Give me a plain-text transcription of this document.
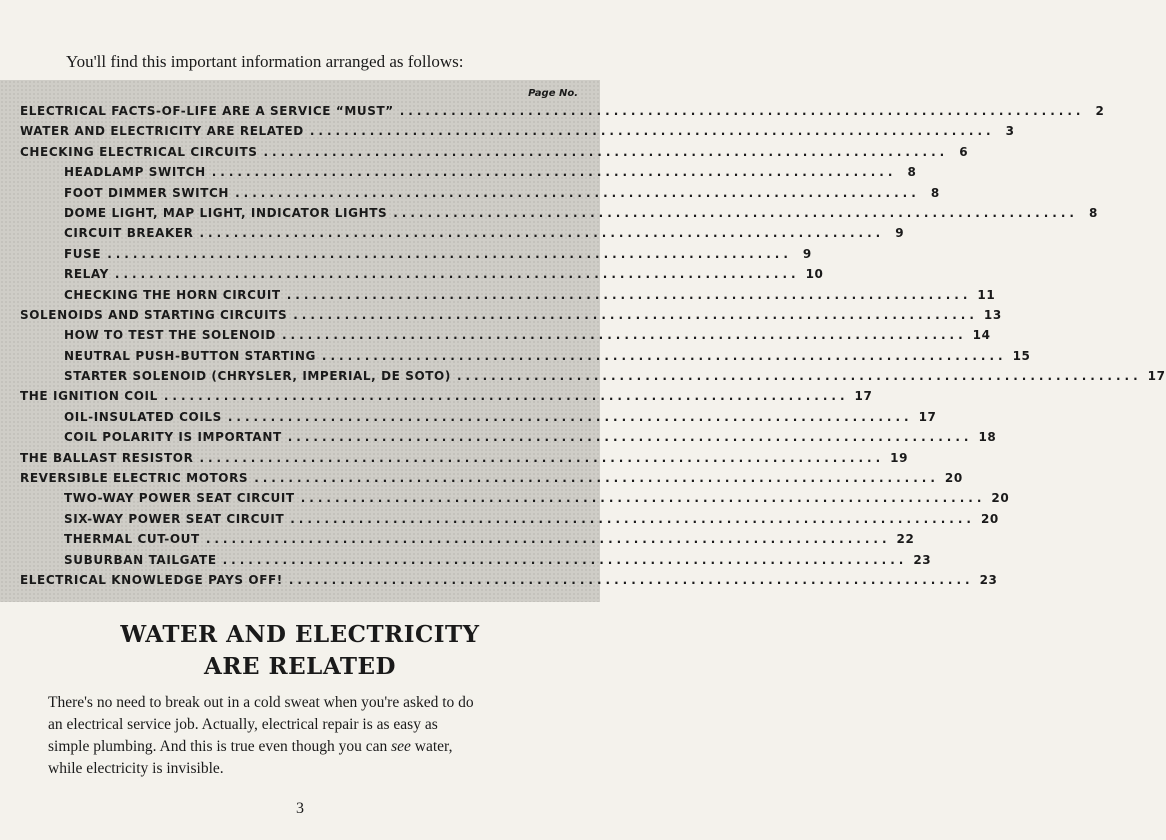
You'll find this important information arranged as follows:
Page No.
ELECTRICAL FACTS-OF-LIFE ARE A SERVICE “MUST” ................................................................................ 2
WATER AND ELECTRICITY ARE RELATED ................................................................................ 3
CHECKING ELECTRICAL CIRCUITS ................................................................................ 6
HEADLAMP SWITCH ................................................................................ 8
FOOT DIMMER SWITCH ................................................................................ 8
DOME LIGHT, MAP LIGHT, INDICATOR LIGHTS ................................................................................ 8
CIRCUIT BREAKER ................................................................................ 9
FUSE ................................................................................ 9
RELAY ................................................................................ 10
CHECKING THE HORN CIRCUIT ................................................................................ 11
SOLENOIDS AND STARTING CIRCUITS ................................................................................ 13
HOW TO TEST THE SOLENOID ................................................................................ 14
NEUTRAL PUSH-BUTTON STARTING ................................................................................ 15
STARTER SOLENOID (CHRYSLER, IMPERIAL, DE SOTO) ................................................................................ 17
THE IGNITION COIL ................................................................................ 17
OIL-INSULATED COILS ................................................................................ 17
COIL POLARITY IS IMPORTANT ................................................................................ 18
THE BALLAST RESISTOR ................................................................................ 19
REVERSIBLE ELECTRIC MOTORS ................................................................................ 20
TWO-WAY POWER SEAT CIRCUIT ................................................................................ 20
SIX-WAY POWER SEAT CIRCUIT ................................................................................ 20
THERMAL CUT-OUT ................................................................................ 22
SUBURBAN TAILGATE ................................................................................ 23
ELECTRICAL KNOWLEDGE PAYS OFF! ................................................................................ 23
WATER AND ELECTRICITY
ARE RELATED
There's no need to break out in a cold sweat when you're asked to do
an electrical service job. Actually, electrical repair is as easy as
simple plumbing. And this is true even though you can see water,
while electricity is invisible.
3
